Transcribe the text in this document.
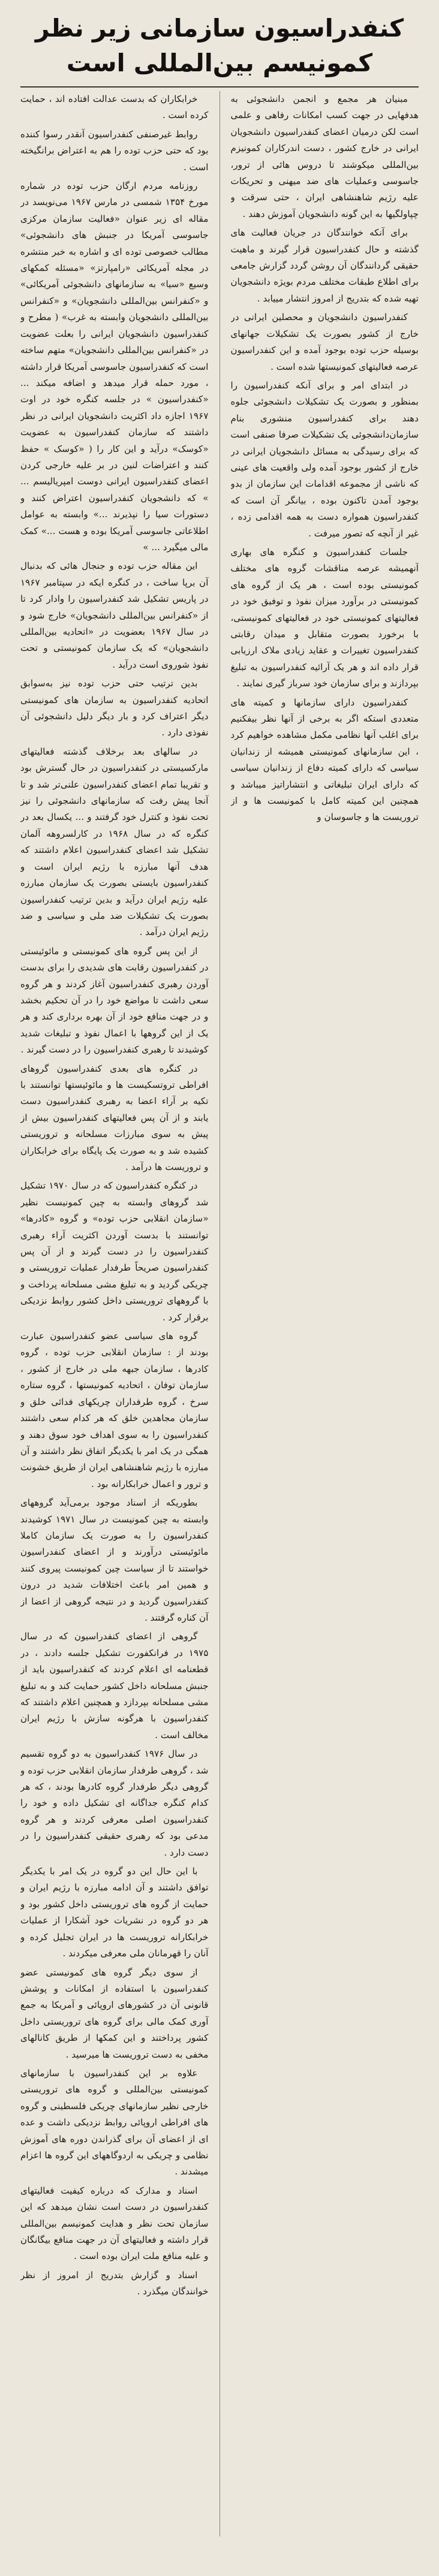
کنفدراسیون سازمانی زیر نظر کمونیسم بین‌المللی است

مبنیان هر مجمع و انجمن دانشجوئی به هدفهایی در جهت کسب امکانات رفاهی و علمی است لکن درمیان اعضای کنفدراسیون دانشجویان ایرانی در خارج کشور ، دست اندرکاران کمونیزم بین‌المللی میکوشند تا دروس هائی از ترور، جاسوسی وعملیات های ضد میهنی و تحریکات علیه رژیم شاهنشاهی ایران ، حتی سرقت و چپاولگیها به این گونه دانشجویان آموزش دهند .

برای آنکه خوانندگان در جریان فعالیت های گذشته و حال کنفدراسیون قرار گیرند و ماهیت حقیقی گردانندگان آن روشن گردد گزارش جامعی برای اطلاع طبقات مختلف مردم بویژه دانشجویان تهیه شده که بتدریج از امروز انتشار مییابد .

کنفدراسیون دانشجویان و محصلین ایرانی در خارج از کشور بصورت یک تشکیلات جهانهای بوسیله حزب توده بوجود آمده و این کنفدراسیون عرصه فعالیتهای کمونیستها شده است .

در ابتدای امر و برای آنکه کنفدراسیون را بمنظور و بصورت یک تشکیلات دانشجوئی جلوه دهند برای کنفدراسیون منشوری بنام سازمان‌دانشجوئی یک تشکیلات صرفا صنفی است که برای رسیدگی به مسائل دانشجویان ایرانی در خارج از کشور بوجود آمده ولی واقعیت های عینی که ناشی از مجموعه اقدامات این سازمان از بدو بوجود آمدن تاکنون بوده ، بیانگر آن است که کنفدراسیون همواره دست به همه اقدامی زده ، غیر از آنچه که تصور میرفت .

جلسات کنفدراسیون و کنگره های بهاری آنهمیشه عرصه مناقشات گروه های مختلف کمونیستی بوده است ، هر یک از گروه های کمونیستی در برآورد میزان نفوذ و توفیق خود در فعالیتهای کمونیستی خود در فعالیتهای کمونیستی، با برخورد بصورت متقابل و میدان رقابتی کنفدراسیون تغییرات و عقاید زیادی ملاک ارزیابی قرار داده اند و هر یک آرائیه کنفدراسیون به تبلیغ بپردازند و برای سازمان خود سرباز گیری نمایند .

کنفدراسیون دارای سازمانها و کمیته های متعددی استکه اگر به برخی از آنها نظر بیفکنیم برای اغلب آنها نظامی مکمل مشاهده خواهیم کرد ، این سازمانهای کمونیستی همیشه از زندانیان سیاسی که دارای کمیته دفاع از زندانیان سیاسی که دارای ایران تبلیغاتی و انتشاراتیز میباشد و همچنین این کمیته کامل با کمونیست ها و از تروریست ها و جاسوسان و

خرابکاران که بدست عدالت افتاده اند ، حمایت کرده است .

روابط غیرصنفی کنفدراسیون آنقدر رسوا کننده بود که حتی حزب توده را هم به اعتراض برانگیخته است .

روزنامه مردم ارگان حزب توده در شماره مورخ ۱۳۵۴ شمسی در مارس ۱۹۶۷ می‌نویسد در مقاله ای زیر عنوان «فعالیت سازمان مرکزی جاسوسی آمریکا در جنبش های دانشجوئی» مطالب خصوصی توده ای و اشاره به خبر منتشره در مجله آمریکائی «رامپارتز» «مسئله کمکهای وسیع «سیا» به سازمانهای دانشجوئی آمریکائی» و «کنفرانس بین‌المللی دانشجویان» و «کنفرانس بین‌المللی دانشجویان وابسته به غرب» ( مطرح و کنفدراسیون دانشجویان ایرانی را بعلت عضویت در «کنفرانس بین‌المللی دانشجویان» متهم ساخته است که کنفدراسیون جاسوسی آمریکا قرار داشته ، مورد حمله قرار میدهد و اضافه میکند ... «کنفدراسیون » در جلسه کنگره خود در اوت ۱۹۶۷ اجازه داد اکثریت دانشجویان ایرانی در نظر داشتند که سازمان کنفدراسیون به عضویت «کوسک» درآید و این کار را ( «کوسک » حفظ کنند و اعتراضات لنین در بر علیه خارجی کردن اعضای کنفدراسیون ایرانی دوست امپریالیسم ... » که دانشجویان کنفدراسیون اعتراض کنند و دستورات سیا را نپذیرند ...» وابسته به عوامل اطلاعاتی جاسوسی آمریکا بوده و هست ...» کمک مالی میگیرد ... »

این مقاله حزب توده و جنجال هائی که بدنبال آن برپا ساخت ، در کنگره ایکه در سپتامبر ۱۹۶۷ در پاریس تشکیل شد کنفدراسیون را وادار کرد تا از «کنفرانس بین‌المللی دانشجویان» خارج شود و در سال ۱۹۶۷ بعضویت در «اتحادیه بین‌المللی دانشجویان» که یک سازمان کمونیستی و تحت نفوذ شوروی است درآید .

بدین ترتیب حتی حزب توده نیز به‌سوابق اتحادیه کنفدراسیون به سازمان های کمونیستی دیگر اعتراف کرد و بار دیگر دلیل دانشجوئی آن نفوذی دارد .

در سالهای بعد برخلاف گذشته فعالیتهای مارکسیستی در کنفدراسیون در حال گسترش بود و تقریبا تمام اعضای کنفدراسیون علنی‌تر شد و تا آنجا پیش رفت که سازمانهای دانشجوئی را نیز تحت نفوذ و کنترل خود گرفتند و ... یکسال بعد در کنگره که در سال ۱۹۶۸ در کارلسروهه آلمان تشکیل شد اعضای کنفدراسیون اعلام داشتند که هدف آنها مبارزه با رژیم ایران است و کنفدراسیون بایستی بصورت یک سازمان مبارزه علیه رژیم ایران درآید و بدین ترتیب کنفدراسیون بصورت یک تشکیلات ضد ملی و سیاسی و ضد رژیم ایران درآمد .

از این پس گروه های کمونیستی و مائوئیستی در کنفدراسیون رقابت های شدیدی را برای بدست آوردن رهبری کنفدراسیون آغاز کردند و هر گروه سعی داشت تا مواضع خود را در آن تحکیم بخشد و در جهت منافع خود از آن بهره برداری کند و هر یک از این گروهها با اعمال نفوذ و تبلیغات شدید کوشیدند تا رهبری کنفدراسیون را در دست گیرند .

در کنگره های بعدی کنفدراسیون گروهای افراطی تروتسکیست ها و مائوئیستها توانستند با تکیه بر آراء اعضا به رهبری کنفدراسیون دست یابند و از آن پس فعالیتهای کنفدراسیون بیش از پیش به سوی مبارزات مسلحانه و تروریستی کشیده شد و به صورت یک پایگاه برای خرابکاران و تروریست ها درآمد .

در کنگره کنفدراسیون که در سال ۱۹۷۰ تشکیل شد گروهای وابسته به چین کمونیست نظیر «سازمان انقلابی حزب توده» و گروه «کادرها» توانستند با بدست آوردن اکثریت آراء رهبری کنفدراسیون را در دست گیرند و از آن پس کنفدراسیون صریحاً طرفدار عملیات تروریستی و چریکی گردید و به تبلیغ مشی مسلحانه پرداخت و با گروههای تروریستی داخل کشور روابط نزدیکی برقرار کرد .

گروه های سیاسی عضو کنفدراسیون عبارت بودند از : سازمان انقلابی حزب توده ، گروه کادرها ، سازمان جبهه ملی در خارج از کشور ، سازمان توفان ، اتحادیه کمونیستها ، گروه ستاره سرخ ، گروه طرفداران چریکهای فدائی خلق و سازمان مجاهدین خلق که هر کدام سعی داشتند کنفدراسیون را به سوی اهداف خود سوق دهند و همگی در یک امر با یکدیگر اتفاق نظر داشتند و آن مبارزه با رژیم شاهنشاهی ایران از طریق خشونت و ترور و اعمال خرابکارانه بود .

بطوریکه از اسناد موجود برمی‌آید گروههای وابسته به چین کمونیست در سال ۱۹۷۱ کوشیدند کنفدراسیون را به صورت یک سازمان کاملا مائوئیستی درآورند و از اعضای کنفدراسیون خواستند تا از سیاست چین کمونیست پیروی کنند و همین امر باعث اختلافات شدید در درون کنفدراسیون گردید و در نتیجه گروهی از اعضا از آن کناره گرفتند .

گروهی از اعضای کنفدراسیون که در سال ۱۹۷۵ در فرانکفورت تشکیل جلسه دادند ، در قطعنامه ای اعلام کردند که کنفدراسیون باید از جنبش مسلحانه داخل کشور حمایت کند و به تبلیغ مشی مسلحانه بپردازد و همچنین اعلام داشتند که کنفدراسیون با هرگونه سازش با رژیم ایران مخالف است .

در سال ۱۹۷۶ کنفدراسیون به دو گروه تقسیم شد ، گروهی طرفدار سازمان انقلابی حزب توده و گروهی دیگر طرفدار گروه کادرها بودند ، که هر کدام کنگره جداگانه ای تشکیل داده و خود را کنفدراسیون اصلی معرفی کردند و هر گروه مدعی بود که رهبری حقیقی کنفدراسیون را در دست دارد .

با این حال این دو گروه در یک امر با یکدیگر توافق داشتند و آن ادامه مبارزه با رژیم ایران و حمایت از گروه های تروریستی داخل کشور بود و هر دو گروه در نشریات خود آشکارا از عملیات خرابکارانه تروریست ها در ایران تجلیل کرده و آنان را قهرمانان ملی معرفی میکردند .

از سوی دیگر گروه های کمونیستی عضو کنفدراسیون با استفاده از امکانات و پوشش قانونی آن در کشورهای اروپائی و آمریکا به جمع آوری کمک مالی برای گروه های تروریستی داخل کشور پرداختند و این کمکها از طریق کانالهای مخفی به دست تروریست ها میرسید .

علاوه بر این کنفدراسیون با سازمانهای کمونیستی بین‌المللی و گروه های تروریستی خارجی نظیر سازمانهای چریکی فلسطینی و گروه های افراطی اروپائی روابط نزدیکی داشت و عده ای از اعضای آن برای گذراندن دوره های آموزش نظامی و چریکی به اردوگاههای این گروه ها اعزام میشدند .

اسناد و مدارک که درباره کیفیت فعالیتهای کنفدراسیون در دست است نشان میدهد که این سازمان تحت نظر و هدایت کمونیسم بین‌المللی قرار داشته و فعالیتهای آن در جهت منافع بیگانگان و علیه منافع ملت ایران بوده است .

اسناد و گزارش بتدریج از امروز از نظر خوانندگان میگذرد .
